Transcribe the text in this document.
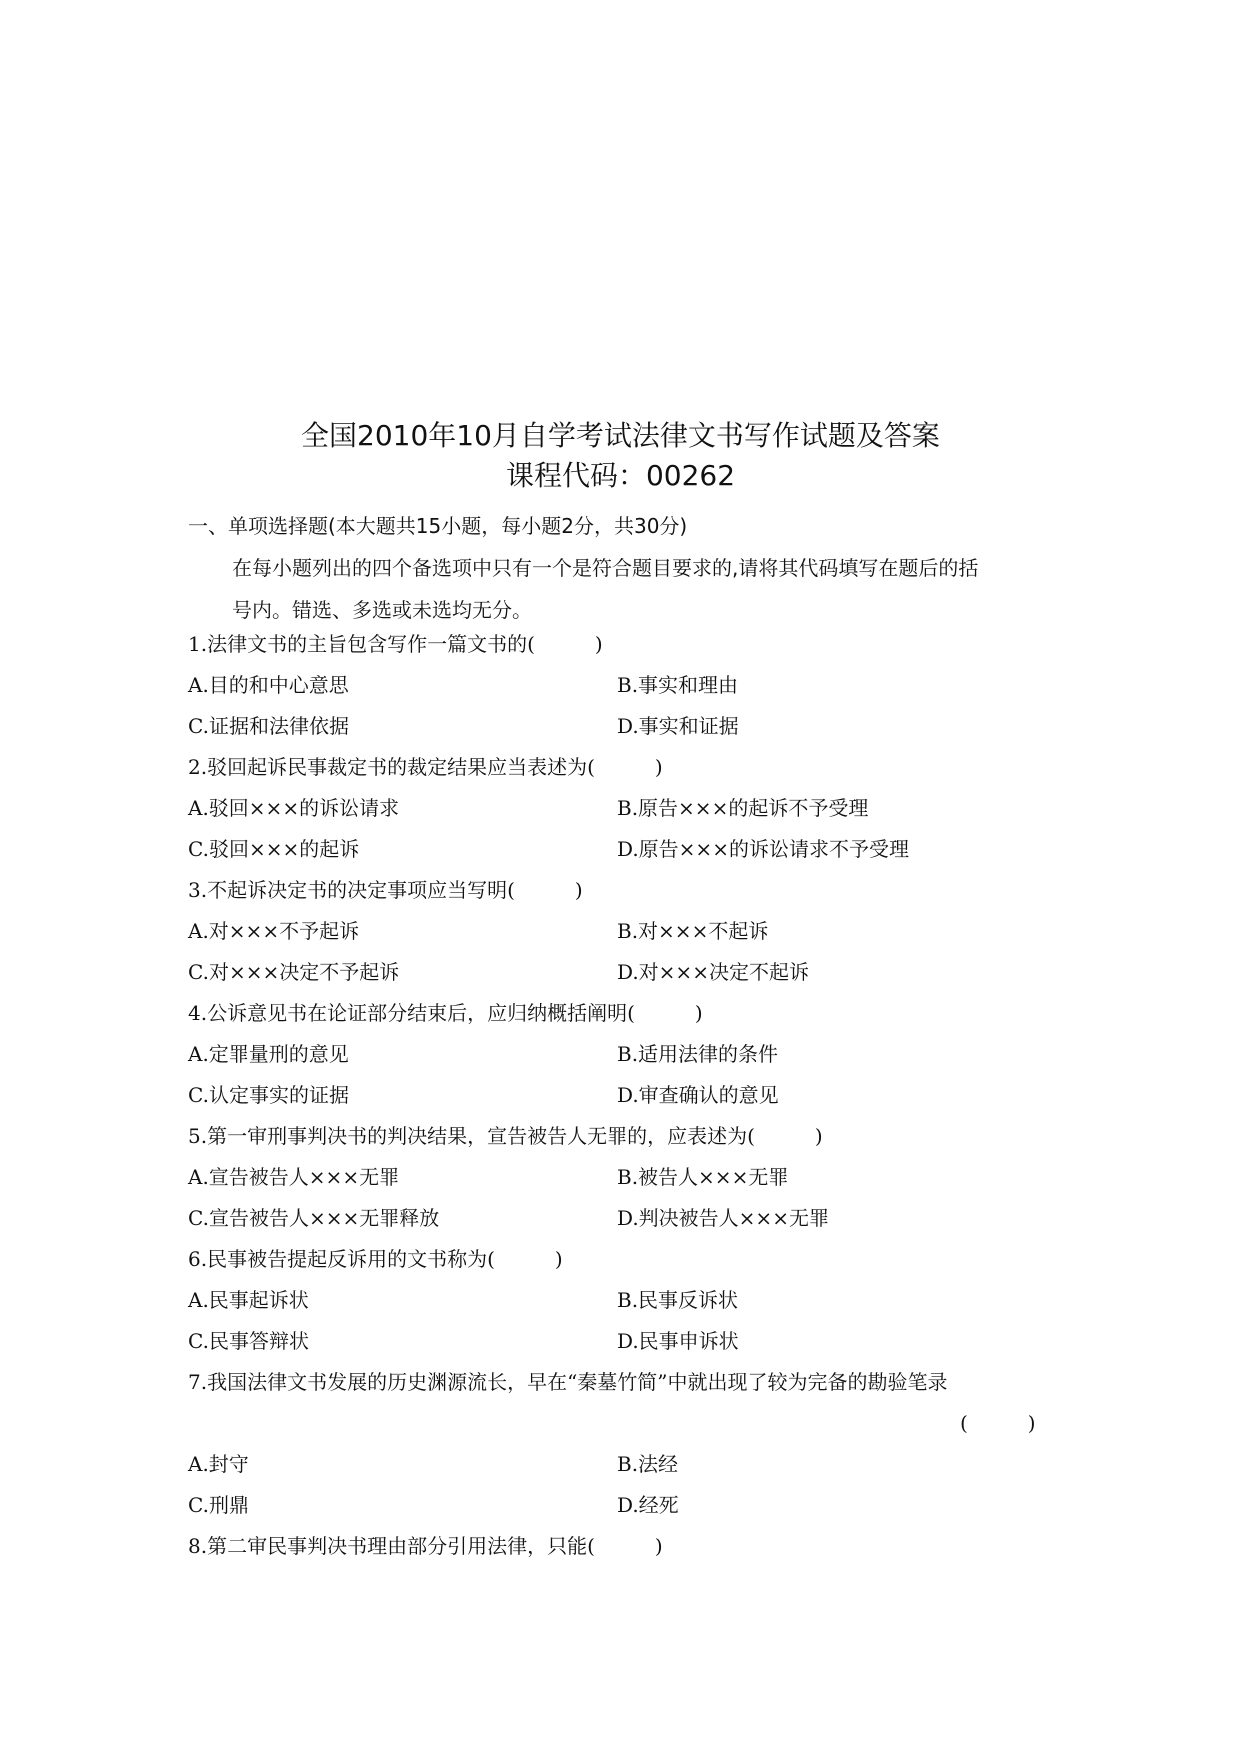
全国2010年10月自学考试法律文书写作试题及答案
课程代码：00262
一、单项选择题(本大题共15小题，每小题2分，共30分)
在每小题列出的四个备选项中只有一个是符合题目要求的,请将其代码填写在题后的括
号内。错选、多选或未选均无分。
1.法律文书的主旨包含写作一篇文书的(　　　)
A.目的和中心意思	B.事实和理由
C.证据和法律依据	D.事实和证据
2.驳回起诉民事裁定书的裁定结果应当表述为(　　　)
A.驳回×××的诉讼请求	B.原告×××的起诉不予受理
C.驳回×××的起诉	D.原告×××的诉讼请求不予受理
3.不起诉决定书的决定事项应当写明(　　　)
A.对×××不予起诉	B.对×××不起诉
C.对×××决定不予起诉	D.对×××决定不起诉
4.公诉意见书在论证部分结束后，应归纳概括阐明(　　　)
A.定罪量刑的意见	B.适用法律的条件
C.认定事实的证据	D.审查确认的意见
5.第一审刑事判决书的判决结果，宣告被告人无罪的，应表述为(　　　)
A.宣告被告人×××无罪	B.被告人×××无罪
C.宣告被告人×××无罪释放	D.判决被告人×××无罪
6.民事被告提起反诉用的文书称为(　　　)
A.民事起诉状	B.民事反诉状
C.民事答辩状	D.民事申诉状
7.我国法律文书发展的历史渊源流长，早在“秦墓竹简”中就出现了较为完备的勘验笔录
(　　　)
A.封守	B.法经
C.刑鼎	D.经死
8.第二审民事判决书理由部分引用法律，只能(　　　)
